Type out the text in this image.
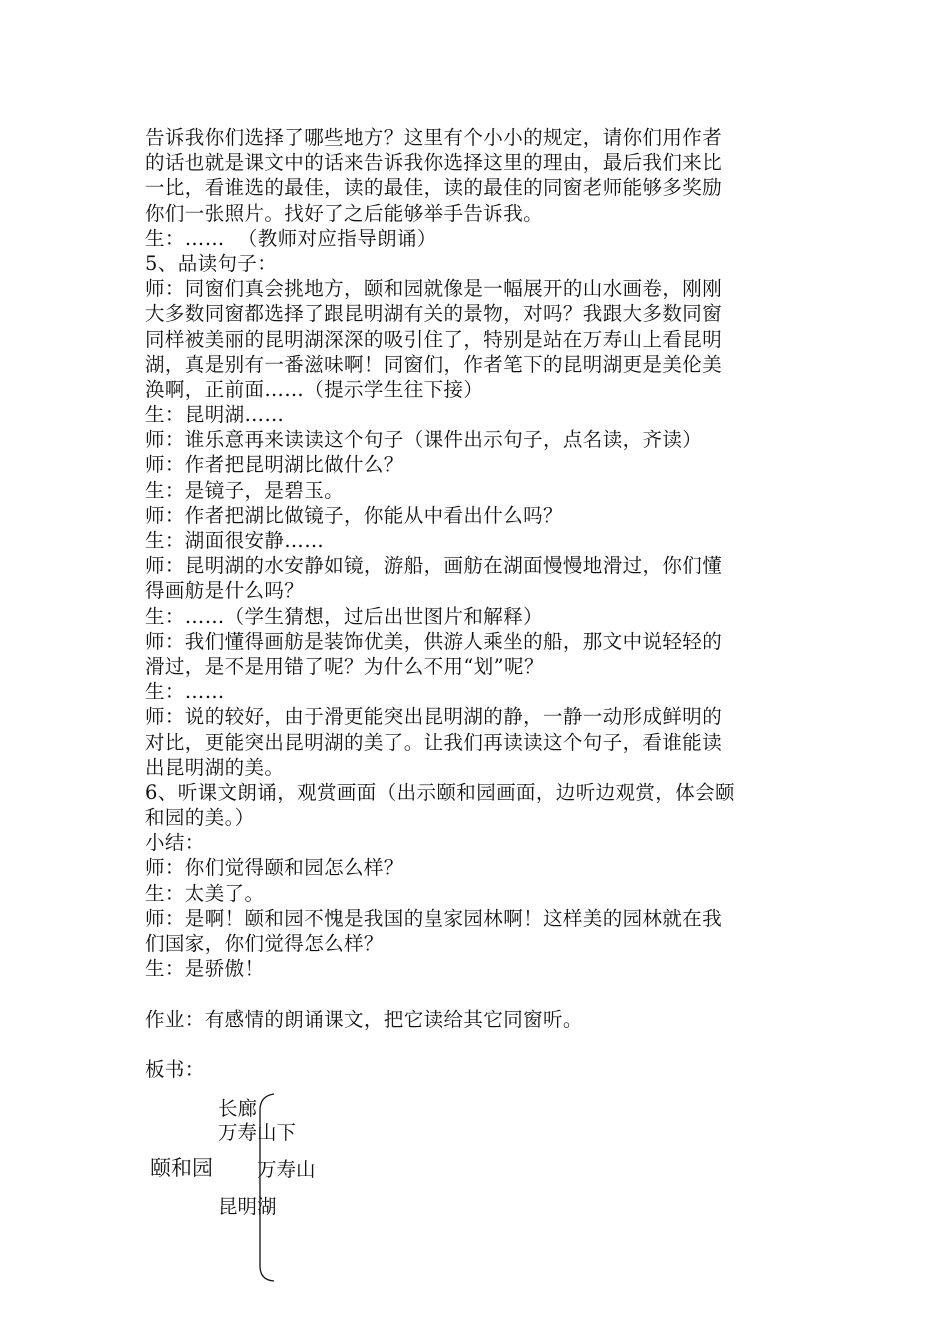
告诉我你们选择了哪些地方？这里有个小小的规定，请你们用作者
的话也就是课文中的话来告诉我你选择这里的理由，最后我们来比
一比，看谁选的最佳，读的最佳，读的最佳的同窗老师能够多奖励
你们一张照片。找好了之后能够举手告诉我。
生：……  （教师对应指导朗诵）
5、品读句子：
师：同窗们真会挑地方，颐和园就像是一幅展开的山水画卷，刚刚
大多数同窗都选择了跟昆明湖有关的景物，对吗？我跟大多数同窗
同样被美丽的昆明湖深深的吸引住了，特别是站在万寿山上看昆明
湖，真是别有一番滋味啊！同窗们，作者笔下的昆明湖更是美伦美
涣啊，正前面……（提示学生往下接）
生：昆明湖……
师：谁乐意再来读读这个句子（课件出示句子，点名读，齐读）
师：作者把昆明湖比做什么？
生：是镜子，是碧玉。
师：作者把湖比做镜子，你能从中看出什么吗？
生：湖面很安静……
师：昆明湖的水安静如镜，游船，画舫在湖面慢慢地滑过，你们懂
得画舫是什么吗？
生：……（学生猜想，过后出世图片和解释）
师：我们懂得画舫是装饰优美，供游人乘坐的船，那文中说轻轻的
滑过，是不是用错了呢？为什么不用“划”呢？
生：……
师：说的较好，由于滑更能突出昆明湖的静，一静一动形成鲜明的
对比，更能突出昆明湖的美了。让我们再读读这个句子，看谁能读
出昆明湖的美。
6、听课文朗诵，观赏画面（出示颐和园画面，边听边观赏，体会颐
和园的美。）
小结：
师：你们觉得颐和园怎么样？
生：太美了。
师：是啊！颐和园不愧是我国的皇家园林啊！这样美的园林就在我
们国家，你们觉得怎么样？
生：是骄傲！
作业：有感情的朗诵课文，把它读给其它同窗听。
板书：
颐和园
长廊
万寿山下
万寿山
昆明湖
